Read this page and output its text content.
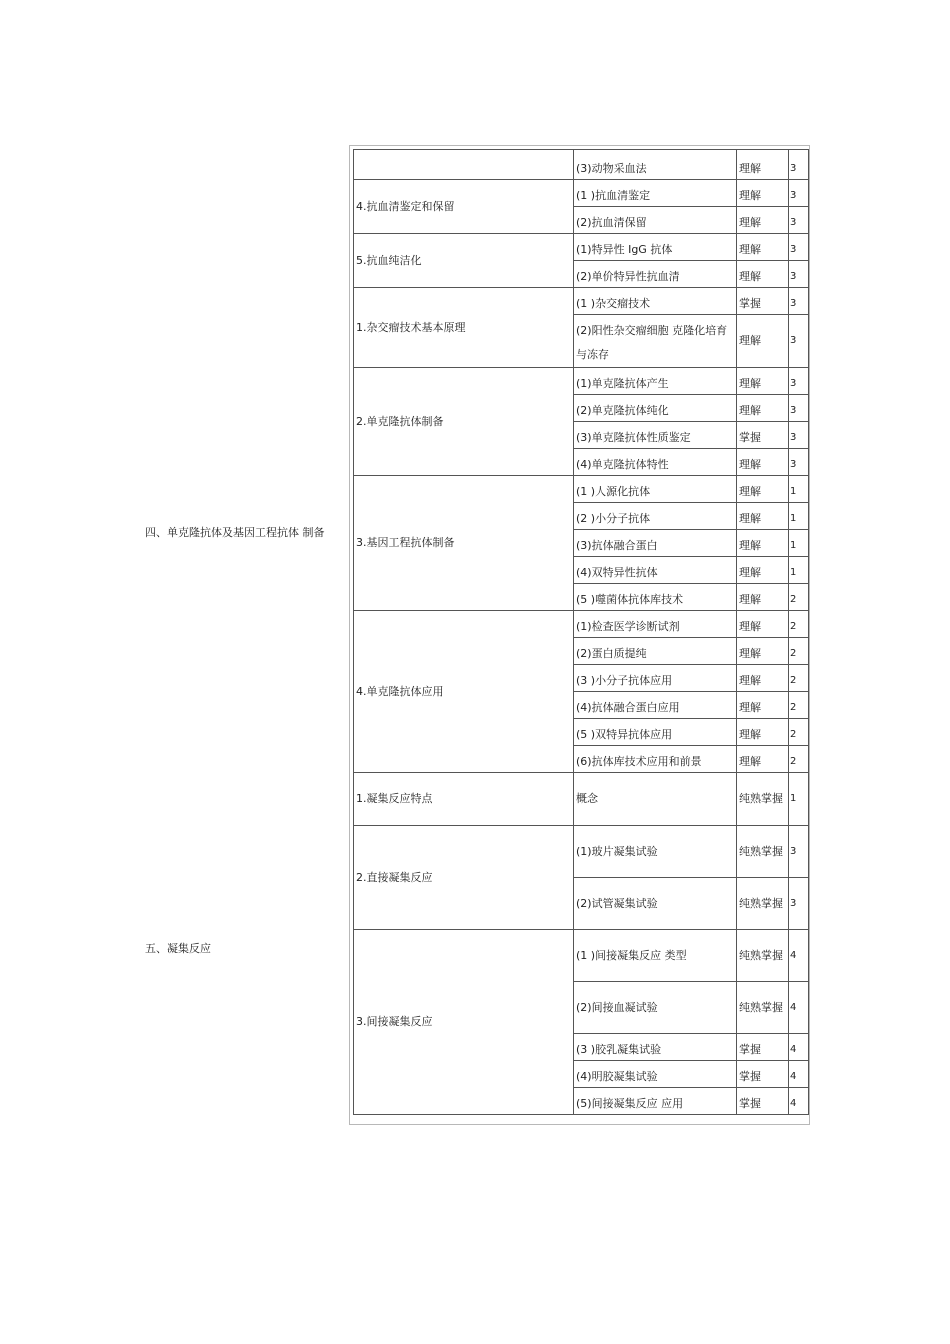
四、单克隆抗体及基因工程抗体 制备
五、凝集反应
	(3)动物采血法	理解	3
4.抗血清鉴定和保留	(1 )抗血清鉴定	理解	3
	(2)抗血清保留	理解	3
5.抗血纯洁化	(1)特异性 IgG 抗体	理解	3
	(2)单价特异性抗血清	理解	3
1.杂交瘤技术基本原理	(1 )杂交瘤技术	掌握	3
	(2)阳性杂交瘤细胞 克隆化培育与冻存	理解	3
2.单克隆抗体制备	(1)单克隆抗体产生	理解	3
	(2)单克隆抗体纯化	理解	3
	(3)单克隆抗体性质鉴定	掌握	3
	(4)单克隆抗体特性	理解	3
3.基因工程抗体制备	(1 )人源化抗体	理解	1
	(2 )小分子抗体	理解	1
	(3)抗体融合蛋白	理解	1
	(4)双特异性抗体	理解	1
	(5 )噬菌体抗体库技术	理解	2
4.单克隆抗体应用	(1)检查医学诊断试剂	理解	2
	(2)蛋白质提纯	理解	2
	(3 )小分子抗体应用	理解	2
	(4)抗体融合蛋白应用	理解	2
	(5 )双特异抗体应用	理解	2
	(6)抗体库技术应用和前景	理解	2
1.凝集反应特点	概念	纯熟掌握	1
2.直接凝集反应	(1)玻片凝集试验	纯熟掌握	3
	(2)试管凝集试验	纯熟掌握	3
3.间接凝集反应	(1 )间接凝集反应 类型	纯熟掌握	4
	(2)间接血凝试验	纯熟掌握	4
	(3 )胶乳凝集试验	掌握	4
	(4)明胶凝集试验	掌握	4
	(5)间接凝集反应 应用	掌握	4
